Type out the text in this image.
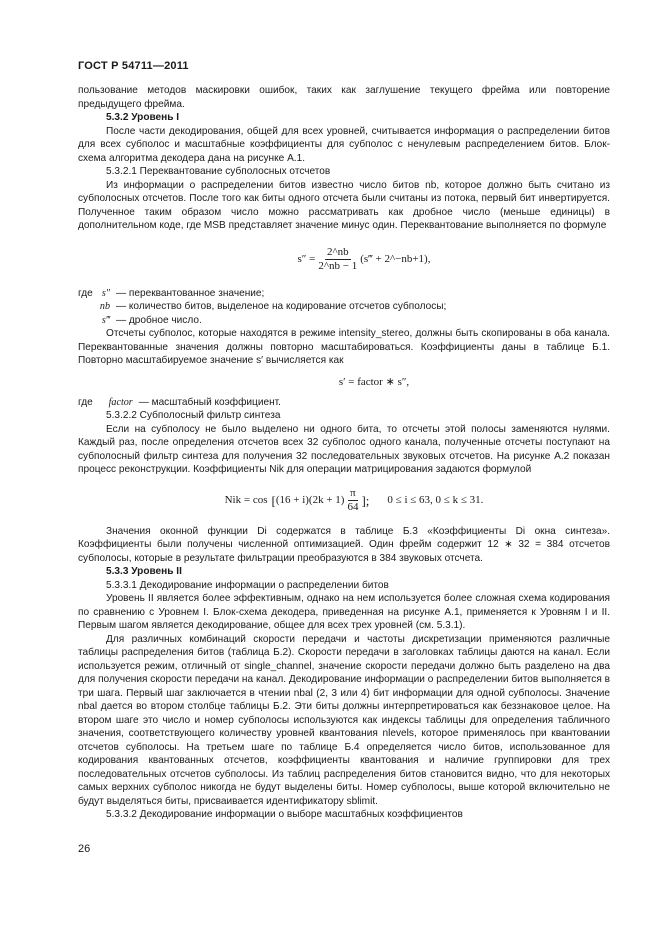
ГОСТ Р 54711—2011

пользование методов маскировки ошибок, таких как заглушение текущего фрейма или повторение предыдущего фрейма.

5.3.2 Уровень I

После части декодирования, общей для всех уровней, считывается информация о распределении битов для всех субполос и масштабные коэффициенты для субполос с ненулевым распределением битов. Блок-схема алгоритма декодера дана на рисунке А.1.

5.3.2.1 Переквантование субполосных отсчетов

Из информации о распределении битов известно число битов nb, которое должно быть считано из субполосных отсчетов. После того как биты одного отсчета были считаны из потока, первый бит инвертируется. Полученное таким образом число можно рассматривать как дробное число (меньше единицы) в дополнительном коде, где MSB представляет значение минус один. Переквантование выполняется по формуле

$s'' = \frac{2\^{}nb}{2\^{}nb - 1}$ (s‴ + 2^−nb+1),
где s″ — переквантованное значение;
nb — количество битов, выделеное на кодирование отсчетов субполосы;
s‴ — дробное число.

Отсчеты субполос, которые находятся в режиме intensity_stereo, должны быть скопированы в оба канала. Переквантованные значения должны повторно масштабироваться. Коэффициенты даны в таблице Б.1. Повторно масштабируемое значение s′ вычисляется как

s′ = factor ∗ s″,
где	factor — масштабный коэффициент.

5.3.2.2 Субполосный фильтр синтеза

Если на субполосу не было выделено ни одного бита, то отсчеты этой полосы заменяются нулями. Каждый раз, после определения отсчетов всех 32 субполос одного канала, полученные отсчеты поступают на субполосный фильтр синтеза для получения 32 последовательных звуковых отсчетов. На рисунке А.2 показан процесс реконструкции. Коэффициенты Nik для операции матрицирования задаются формулой

Nik = cos [ $(16 + i)(2k + 1) \frac{\pi}{64}$ ]; 0 ≤ i ≤ 63, 0 ≤ k ≤ 31.

Значения оконной функции Di содержатся в таблице Б.3 «Коэффициенты Di окна синтеза». Коэффициенты были получены численной оптимизацией. Один фрейм содержит 12 ∗ 32 = 384 отсчетов субполосы, которые в результате фильтрации преобразуются в 384 звуковых отсчета.

5.3.3 Уровень II

5.3.3.1 Декодирование информации о распределении битов

Уровень II является более эффективным, однако на нем используется более сложная схема кодирования по сравнению с Уровнем I. Блок-схема декодера, приведенная на рисунке А.1, применяется к Уровням I и II. Первым шагом является декодирование, общее для всех трех уровней (см. 5.3.1).

Для различных комбинаций скорости передачи и частоты дискретизации применяются различные таблицы распределения битов (таблица Б.2). Скорости передачи в заголовках таблицы даются на канал. Если используется режим, отличный от single_channel, значение скорости передачи должно быть разделено на два для получения скорости передачи на канал. Декодирование информации о распределении битов выполняется в три шага. Первый шаг заключается в чтении nbal (2, 3 или 4) бит информации для одной субполосы. Значение nbal дается во втором столбце таблицы Б.2. Эти биты должны интерпретироваться как беззнаковое целое. На втором шаге это число и номер субполосы используются как индексы таблицы для определения табличного значения, соответствующего количеству уровней квантования nlevels, которое применялось при квантовании отсчетов субполосы. На третьем шаге по таблице Б.4 определяется число битов, использованное для кодирования квантованных отсчетов, коэффициенты квантования и наличие группировки для трех последовательных отсчетов субполосы. Из таблиц распределения битов становится видно, что для некоторых самых верхних субполос никогда не будут выделены биты. Номер субполосы, выше которой включительно не будут выделяться биты, присваивается идентификатору sblimit.

5.3.3.2 Декодирование информации о выборе масштабных коэффициентов

26
